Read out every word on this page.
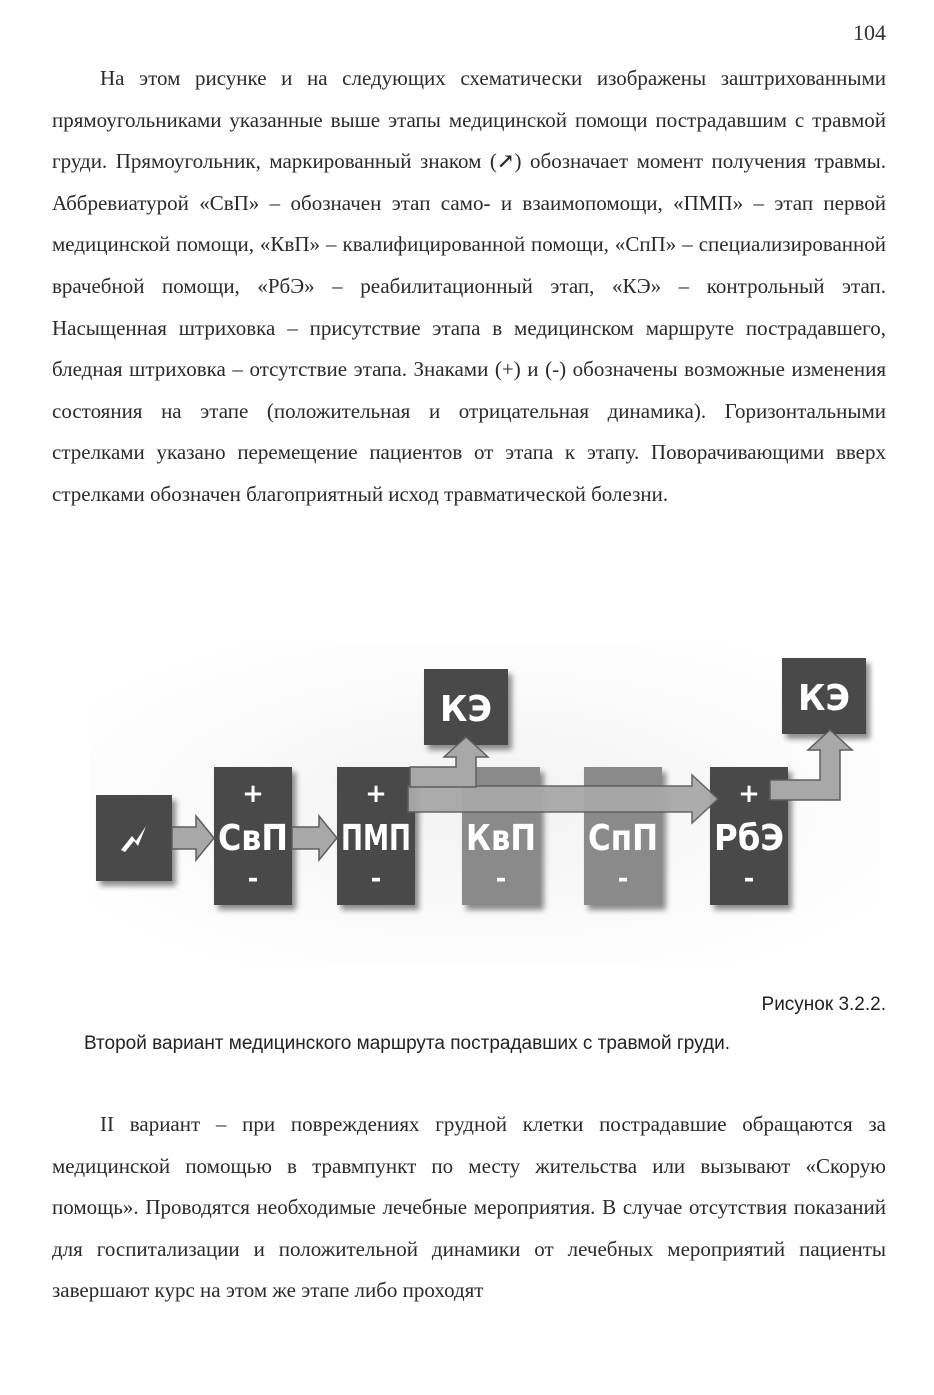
104

На этом рисунке и на следующих схематически изображены заштрихованными прямоугольниками указанные выше этапы медицинской помощи пострадавшим с травмой груди. Прямоугольник, маркированный знаком (↗) обозначает момент получения травмы. Аббревиатурой «СвП» – обозначен этап само- и взаимопомощи, «ПМП» – этап первой медицинской помощи, «КвП» – квалифицированной помощи, «СпП» – специализированной врачебной помощи, «РбЭ» – реабилитационный этап, «КЭ» – контрольный этап. Насыщенная штриховка – присутствие этапа в медицинском маршруте пострадавшего, бледная штриховка – отсутствие этапа. Знаками (+) и (-) обозначены возможные изменения состояния на этапе (положительная и отрицательная динамика). Горизонтальными стрелками указано перемещение пациентов от этапа к этапу. Поворачивающими вверх стрелками обозначен благоприятный исход травматической болезни.

+
СвП
-
+
ПМП
-
КвП
-
СпП
-
+
РбЭ
-
КЭ	КЭ
Рисунок 3.2.2.
Второй вариант медицинского маршрута пострадавших с травмой груди.

II вариант – при повреждениях грудной клетки пострадавшие обращаются за медицинской помощью в травмпункт по месту жительства или вызывают «Скорую помощь». Проводятся необходимые лечебные мероприятия. В случае отсутствия показаний для госпитализации и положительной динамики от лечебных мероприятий пациенты завершают курс на этом же этапе либо проходят
